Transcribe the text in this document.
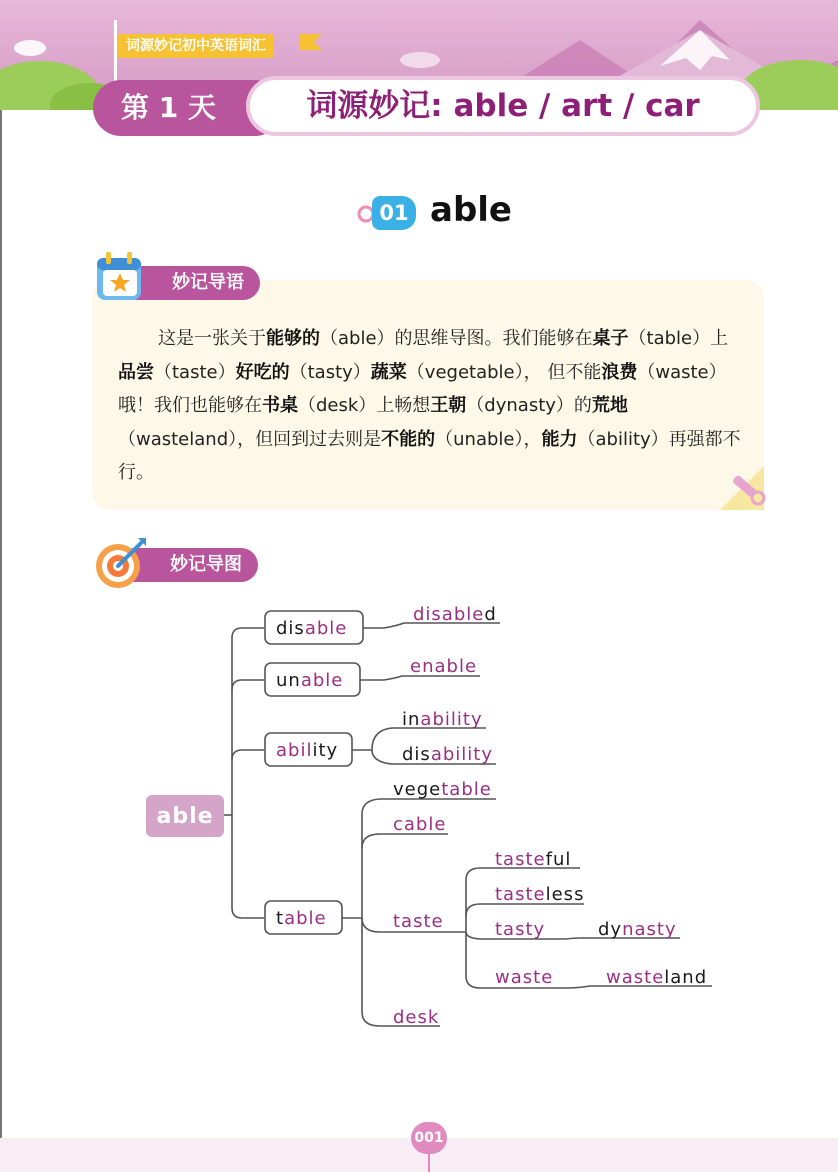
词源妙记初中英语词汇
第 1 天	词源妙记: able / art / car
01 able
妙记导语
这是一张关于能够的（able）的思维导图。我们能够在桌子（table）上品尝（taste）好吃的（tasty）蔬菜（vegetable）， 但不能浪费（waste）哦！我们也能够在书桌（desk）上畅想王朝（dynasty）的荒地（wasteland），但回到过去则是不能的（unable），能力（ability）再强都不行。
妙记导图
able
disable
disabled
unable
enable
ability
inability
disability
vegetable
cable
table	taste
tasteful
tasteless
tasty	dynasty
waste	wasteland
desk
001
